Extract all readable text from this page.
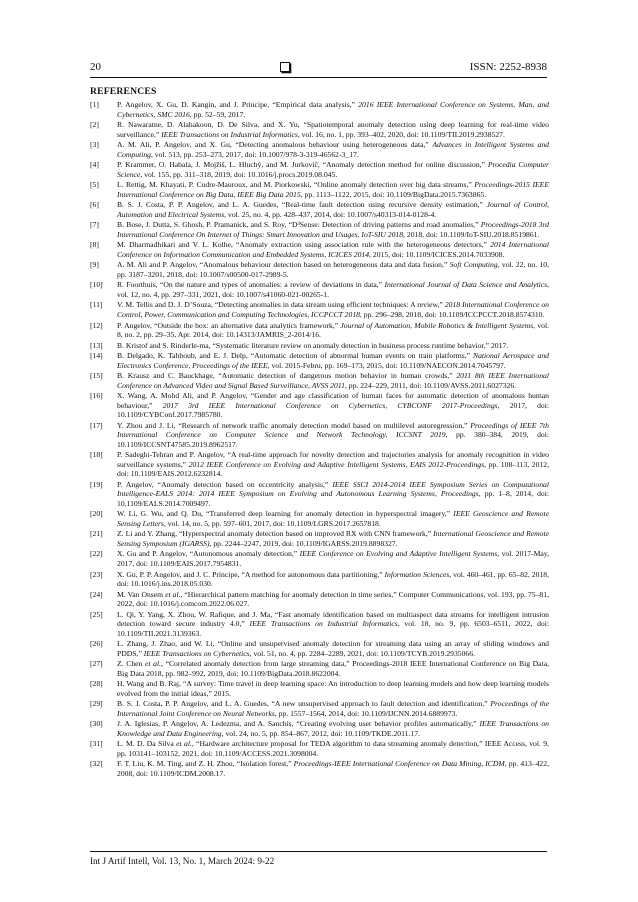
20	ISSN: 2252-8938
REFERENCES
[1] P. Angelov, X. Gu, D. Kangin, and J. Principe, “Empirical data analysis,” 2016 IEEE International Conference on Systems, Man, and Cybernetics, SMC 2016, pp. 52–59, 2017.
[2] R. Nawaratne, D. Alahakoon, D. De Silva, and X. Yu, “Spatiotemporal anomaly detection using deep learning for real-time video surveillance,” IEEE Transactions on Industrial Informatics, vol. 16, no. 1, pp. 393–402, 2020, doi: 10.1109/TII.2019.2938527.
[3] A. M. Ali, P. Angelov, and X. Gu, “Detecting anomalous behaviour using heterogeneous data,” Advances in Intelligent Systems and Computing, vol. 513, pp. 253–273, 2017, doi: 10.1007/978-3-319-46562-3_17.
[4] P. Krammer, O. Habala, J. Mojžiš, L. Hluchý, and M. Jurkovič, “Anomaly detection method for online discussion,” Procedia Computer Science, vol. 155, pp. 311–318, 2019, doi: 10.1016/j.procs.2019.08.045.
[5] L. Rettig, M. Khayati, P. Cudre-Mauroux, and M. Piorkowski, “Online anomaly detection over big data streams,” Proceedings-2015 IEEE International Conference on Big Data, IEEE Big Data 2015, pp. 1113–1122, 2015, doi: 10.1109/BigData.2015.7363865.
[6] B. S. J. Costa, P. P. Angelov, and L. A. Guedes, “Real-time fault detection using recursive density estimation,” Journal of Control, Automation and Electrical Systems, vol. 25, no. 4, pp. 428–437, 2014, doi: 10.1007/s40313-014-0128-4.
[7] B. Bose, J. Dutta, S. Ghosh, P. Pramanick, and S. Roy, “D³Sense: Detection of driving patterns and road anomalies,” Proceedings-2018 3rd International Conference On Internet of Things: Smart Innovation and Usages, IoT-SIU 2018, 2018, doi: 10.1109/IoT-SIU.2018.8519861.
[8] M. Dharmadhikari and V. L. Kolhe, “Anomaly extraction using association rule with the heterogeneous detectors,” 2014 International Conference on Information Communication and Embedded Systems, ICICES 2014, 2015, doi: 10.1109/ICICES.2014.7033908.
[9] A. M. Ali and P. Angelov, “Anomalous behaviour detection based on heterogeneous data and data fusion,” Soft Computing, vol. 22, no. 10, pp. 3187–3201, 2018, doi: 10.1007/s00500-017-2989-5.
[10] R. Foorthuis, “On the nature and types of anomalies: a review of deviations in data,” International Journal of Data Science and Analytics, vol. 12, no. 4, pp. 297–331, 2021, doi: 10.1007/s41060-021-00265-1.
[11] V. M. Tellis and D. J. D’Souza, “Detecting anomalies in data stream using efficient techniques: A review,” 2018 International Conference on Control, Power, Communication and Computing Technologies, ICCPCCT 2018, pp. 296–298, 2018, doi: 10.1109/ICCPCCT.2018.8574310.
[12] P. Angelov, “Outside the box: an alternative data analytics framework,” Journal of Automation, Mobile Robotics & Intelligent Systems, vol. 8, no. 2, pp. 29–35, Apr. 2014, doi: 10.14313/JAMRIS_2-2014/16.
[13] B. Kristof and S. Rinderle-ma, “Systematic literature review on anomaly detection in business process runtime behavior,” 2017.
[14] B. Delgado, K. Tahboub, and E. J. Delp, “Automatic detection of abnormal human events on train platforms,” National Aerospace and Electronics Conference, Proceedings of the IEEE, vol. 2015-Febru, pp. 169–173, 2015, doi: 10.1109/NAECON.2014.7045797.
[15] B. Krausz and C. Bauckhage, “Automatic detection of dangerous motion behavior in human crowds,” 2011 8th IEEE International Conference on Advanced Video and Signal Based Surveillance, AVSS 2011, pp. 224–229, 2011, doi: 10.1109/AVSS.2011.6027326.
[16] X. Wang, A. Mohd Ali, and P. Angelov, “Gender and age classification of human faces for automatic detection of anomalous human behaviour,” 2017 3rd IEEE International Conference on Cybernetics, CYBCONF 2017-Proceedings, 2017, doi: 10.1109/CYBConf.2017.7985780.
[17] Y. Zhou and J. Li, “Research of network traffic anomaly detection model based on multilevel autoregression,” Proceedings of IEEE 7th International Conference on Computer Science and Network Technology, ICCSNT 2019, pp. 380–384, 2019, doi: 10.1109/ICCSNT47585.2019.8962517.
[18] P. Sadeghi-Tehran and P. Angelov, “A real-time approach for novelty detection and trajectories analysis for anomaly recognition in video surveillance systems,” 2012 IEEE Conference on Evolving and Adaptive Intelligent Systems, EAIS 2012-Proceedings, pp. 108–113, 2012, doi: 10.1109/EAIS.2012.6232814.
[19] P. Angelov, “Anomaly detection based on eccentricity analysis,” IEEE SSCI 2014-2014 IEEE Symposium Series on Computational Intelligence-EALS 2014: 2014 IEEE Symposium on Evolving and Autonomous Learning Systems, Proceedings, pp. 1–8, 2014, doi: 10.1109/EALS.2014.7009497.
[20] W. Li, G. Wu, and Q. Du, “Transferred deep learning for anomaly detection in hyperspectral imagery,” IEEE Geoscience and Remote Sensing Letters, vol. 14, no. 5, pp. 597–601, 2017, doi: 10.1109/LGRS.2017.2657818.
[21] Z. Li and Y. Zhang, “Hyperspectral anomaly detection based on improved RX with CNN framework,” International Geoscience and Remote Sensing Symposium (IGARSS), pp. 2244–2247, 2019, doi: 10.1109/IGARSS.2019.8898327.
[22] X. Gu and P. Angelov, “Autonomous anomaly detection,” IEEE Conference on Evolving and Adaptive Intelligent Systems, vol. 2017-May, 2017, doi: 10.1109/EAIS.2017.7954831.
[23] X. Gu, P. P. Angelov, and J. C. Príncipe, “A method for autonomous data partitioning,” Information Sciences, vol. 460–461, pp. 65–82, 2018, doi: 10.1016/j.ins.2018.05.030.
[24] M. Van Onsem et al., “Hierarchical pattern matching for anomaly detection in time series,” Computer Communications, vol. 193, pp. 75–81, 2022, doi: 10.1016/j.comcom.2022.06.027.
[25] L. Qi, Y. Yang, X. Zhou, W. Rafique, and J. Ma, “Fast anomaly identification based on multiaspect data streams for intelligent intrusion detection toward secure industry 4.0,” IEEE Transactions on Industrial Informatics, vol. 18, no. 9, pp. 6503–6511, 2022, doi: 10.1109/TII.2021.3139363.
[26] L. Zhang, J. Zhao, and W. Li, “Online and unsupervised anomaly detection for streaming data using an array of sliding windows and PDDS,” IEEE Transactions on Cybernetics, vol. 51, no. 4, pp. 2284–2289, 2021, doi: 10.1109/TCYB.2019.2935066.
[27] Z. Chen et al., “Correlated anomaly detection from large streaming data,” Proceedings-2018 IEEE International Conference on Big Data, Big Data 2018, pp. 982–992, 2019, doi: 10.1109/BigData.2018.8622004.
[28] H. Wang and B. Raj, “A survey: Time travel in deep learning space: An introduction to deep learning models and how deep learning models evolved from the initial ideas,” 2015.
[29] B. S. J. Costa, P. P. Angelov, and L. A. Guedes, “A new unsupervised approach to fault detection and identification,” Proceedings of the International Joint Conference on Neural Networks, pp. 1557–1564, 2014, doi: 10.1109/IJCNN.2014.6889973.
[30] J. A. Iglesias, P. Angelov, A. Ledezma, and A. Sanchis, “Creating evolving user behavior profiles automatically,” IEEE Transactions on Knowledge and Data Engineering, vol. 24, no. 5, pp. 854–867, 2012, doi: 10.1109/TKDE.2011.17.
[31] L. M. D. Da Silva et al., “Hardware architecture proposal for TEDA algorithm to data streaming anomaly detection,” IEEE Access, vol. 9, pp. 103141–103152, 2021, doi: 10.1109/ACCESS.2021.3098004.
[32] F. T. Liu, K. M. Ting, and Z. H. Zhou, “Isolation forest,” Proceedings-IEEE International Conference on Data Mining, ICDM, pp. 413–422, 2008, doi: 10.1109/ICDM.2008.17.
Int J Artif Intell, Vol. 13, No. 1, March 2024: 9-22
